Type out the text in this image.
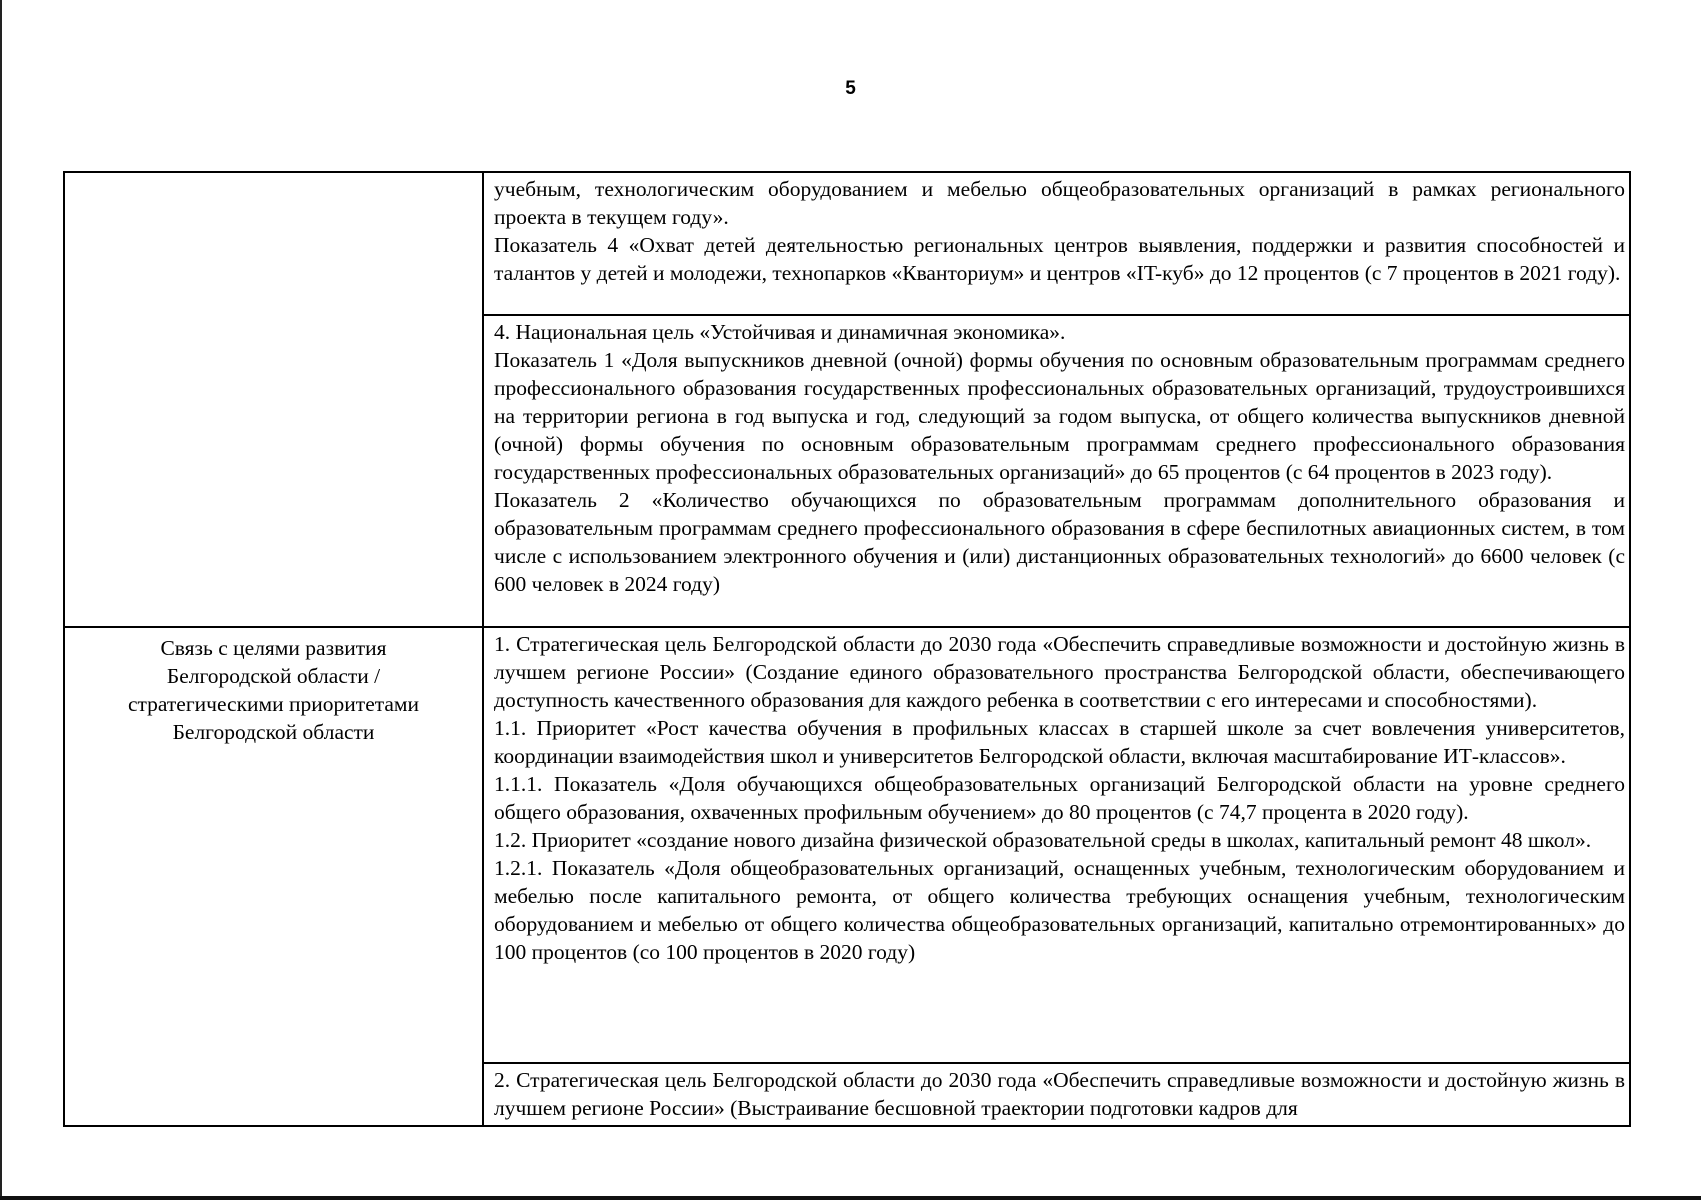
5

учебным, технологическим оборудованием и мебелью общеобразовательных организаций в рамках регионального проекта в текущем году».

Показатель 4 «Охват детей деятельностью региональных центров выявления, поддержки и развития способностей и талантов у детей и молодежи, технопарков «Кванториум» и центров «IT-куб» до 12 процентов (с 7 процентов в 2021 году).

4. Национальная цель «Устойчивая и динамичная экономика».

Показатель 1 «Доля выпускников дневной (очной) формы обучения по основным образовательным программам среднего профессионального образования государственных профессиональных образовательных организаций, трудоустроившихся на территории региона в год выпуска и год, следующий за годом выпуска, от общего количества выпускников дневной (очной) формы обучения по основным образовательным программам среднего профессионального образования государственных профессиональных образовательных организаций» до 65 процентов (с 64 процентов в 2023 году).

Показатель 2 «Количество обучающихся по образовательным программам дополнительного образования и образовательным программам среднего профессионального образования в сфере беспилотных авиационных систем, в том числе с использованием электронного обучения и (или) дистанционных образовательных технологий» до 6600 человек (с 600 человек в 2024 году)

Связь с целями развития
Белгородской области /
стратегическими приоритетами
Белгородской области

1. Стратегическая цель Белгородской области до 2030 года «Обеспечить справедливые возможности и достойную жизнь в лучшем регионе России» (Создание единого образовательного пространства Белгородской области, обеспечивающего доступность качественного образования для каждого ребенка в соответствии с его интересами и способностями).

1.1. Приоритет «Рост качества обучения в профильных классах в старшей школе за счет вовлечения университетов, координации взаимодействия школ и университетов Белгородской области, включая масштабирование ИТ-классов».

1.1.1. Показатель «Доля обучающихся общеобразовательных организаций Белгородской области на уровне среднего общего образования, охваченных профильным обучением» до 80 процентов (с 74,7 процента в 2020 году).

1.2. Приоритет «создание нового дизайна физической образовательной среды в школах, капитальный ремонт 48 школ».

1.2.1. Показатель «Доля общеобразовательных организаций, оснащенных учебным, технологическим оборудованием и мебелью после капитального ремонта, от общего количества требующих оснащения учебным, технологическим оборудованием и мебелью от общего количества общеобразовательных организаций, капитально отремонтированных» до 100 процентов (со 100 процентов в 2020 году)

2. Стратегическая цель Белгородской области до 2030 года «Обеспечить справедливые возможности и достойную жизнь в лучшем регионе России» (Выстраивание бесшовной траектории подготовки кадров для
